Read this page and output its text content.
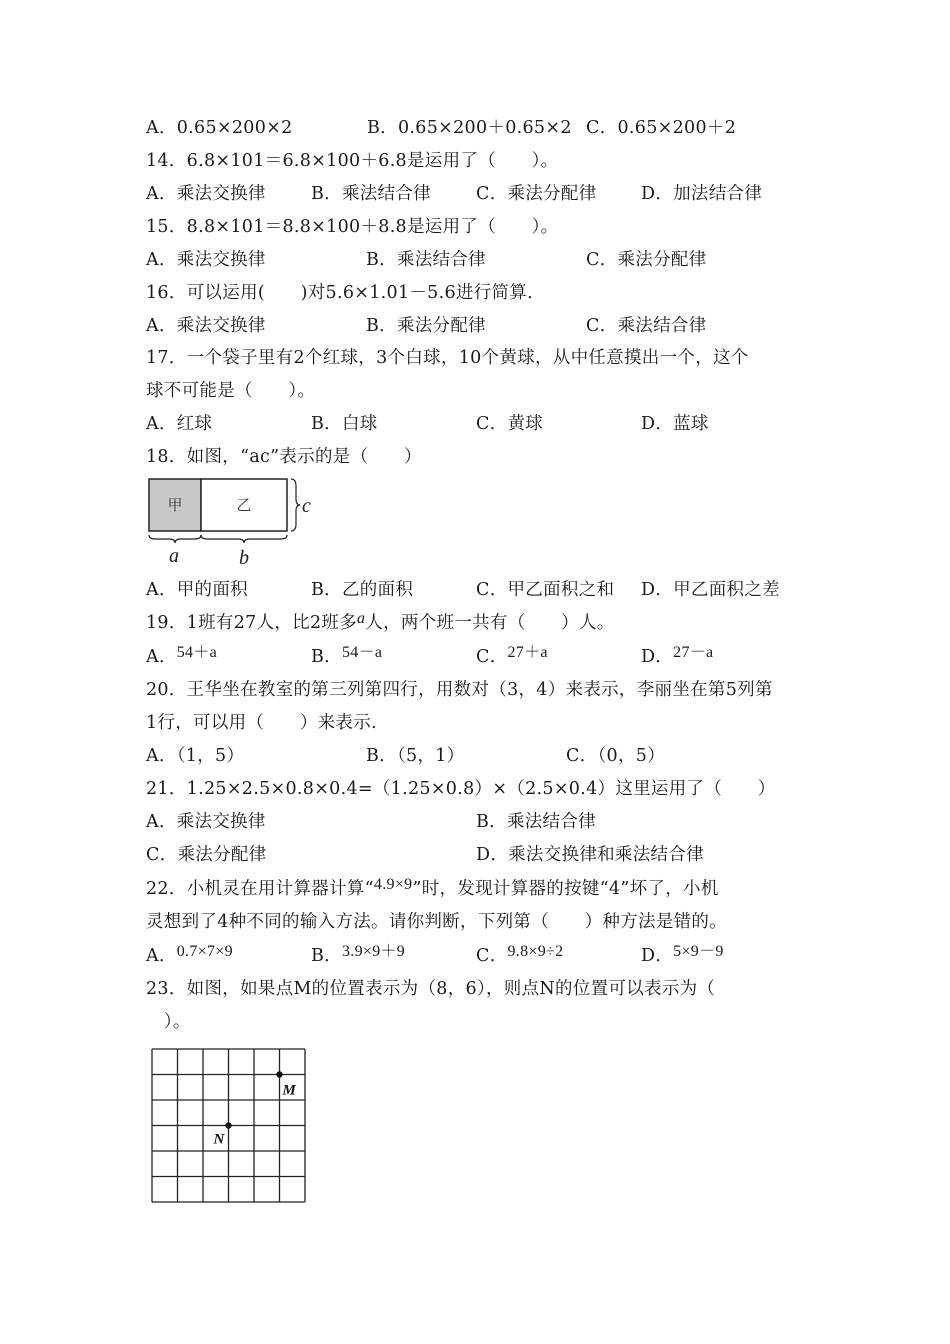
A．0.65×200×2	B．0.65×200＋0.65×2 C．0.65×200＋2
14．6.8×101＝6.8×100＋6.8是运用了（　　）。
A．乘法交换律	B．乘法结合律	C．乘法分配律	D．加法结合律
15．8.8×101＝8.8×100＋8.8是运用了（　　）。
A．乘法交换律	B．乘法结合律	C．乘法分配律
16．可以运用(　　)对5.6×1.01－5.6进行简算.
A．乘法交换律	B．乘法分配律	C．乘法结合律
17．一个袋子里有2个红球，3个白球，10个黄球，从中任意摸出一个，这个
球不可能是（　　）。
A．红球	B．白球	C．黄球	D．蓝球
18．如图，“ac”表示的是（　　）
甲	乙	c
a	b
A．甲的面积	B．乙的面积	C．甲乙面积之和 D．甲乙面积之差
19．1班有27人，比2班多a人，两个班一共有（　　）人。
A．54＋a	B．54－a	C．27＋a	D．27－a
20．王华坐在教室的第三列第四行，用数对（3，4）来表示，李丽坐在第5列第
1行，可以用（　　）来表示.
A．（1，5）	B．（5，1）	C．（0，5）
21．1.25×2.5×0.8×0.4=（1.25×0.8）×（2.5×0.4）这里运用了（　　）
A．乘法交换律	B．乘法结合律
C．乘法分配律	D．乘法交换律和乘法结合律
22．小机灵在用计算器计算“4.9×9”时，发现计算器的按键“4”坏了，小机
灵想到了4种不同的输入方法。请你判断，下列第（　　）种方法是错的。
A．0.7×7×9	B．3.9×9＋9	C．9.8×9÷2	D．5×9－9
23．如图，如果点M的位置表示为（8，6），则点N的位置可以表示为（
　）。
M
N
